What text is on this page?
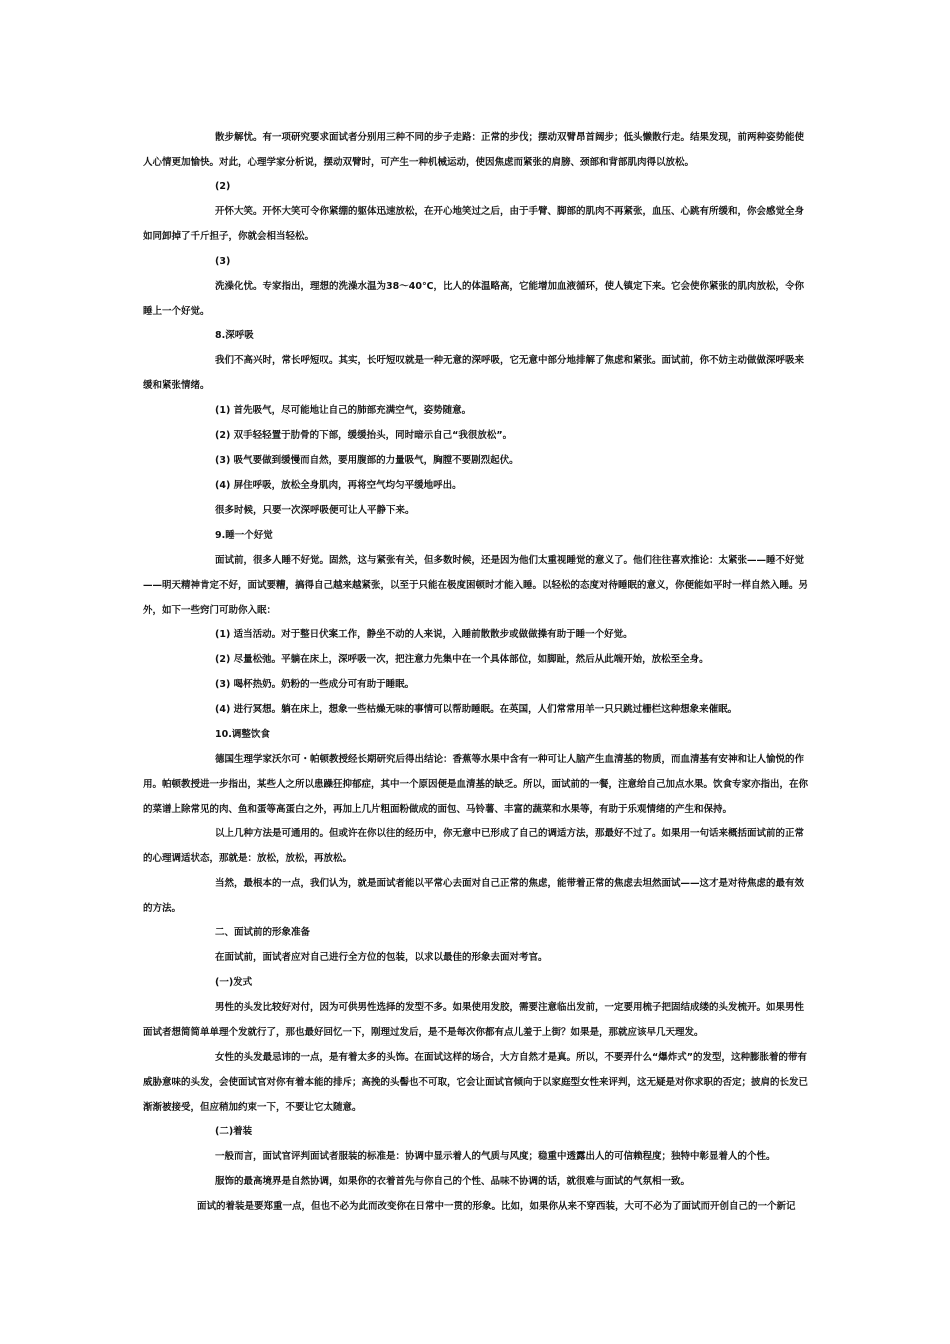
散步解忧。有一项研究要求面试者分别用三种不同的步子走路：正常的步伐；摆动双臂昂首阔步；低头懒散行走。结果发现，前两种姿势能使人心情更加愉快。对此，心理学家分析说，摆动双臂时，可产生一种机械运动，使因焦虑而紧张的肩膀、颈部和背部肌肉得以放松。

(2)

开怀大笑。开怀大笑可令你紧绷的躯体迅速放松，在开心地笑过之后，由于手臂、脚部的肌肉不再紧张，血压、心跳有所缓和，你会感觉全身如同卸掉了千斤担子，你就会相当轻松。

(3)

洗澡化忧。专家指出，理想的洗澡水温为38～40℃，比人的体温略高，它能增加血液循环，使人镇定下来。它会使你紧张的肌肉放松，令你睡上一个好觉。

8.深呼吸

我们不高兴时，常长呼短叹。其实，长吁短叹就是一种无意的深呼吸，它无意中部分地排解了焦虑和紧张。面试前，你不妨主动做做深呼吸来缓和紧张情绪。

(1) 首先吸气，尽可能地让自己的肺部充满空气，姿势随意。

(2) 双手轻轻置于肋骨的下部，缓缓抬头，同时暗示自己“我很放松”。

(3) 吸气要做到缓慢而自然，要用腹部的力量吸气，胸膛不要剧烈起伏。

(4) 屏住呼吸，放松全身肌肉，再将空气均匀平缓地呼出。

很多时候，只要一次深呼吸便可让人平静下来。

9.睡一个好觉

面试前，很多人睡不好觉。固然，这与紧张有关，但多数时候，还是因为他们太重视睡觉的意义了。他们往往喜欢推论：太紧张——睡不好觉——明天精神肯定不好，面试要糟，搞得自己越来越紧张，以至于只能在极度困顿时才能入睡。以轻松的态度对待睡眠的意义，你便能如平时一样自然入睡。另外，如下一些窍门可助你入眠：

(1) 适当活动。对于整日伏案工作，静坐不动的人来说，入睡前散散步或做做操有助于睡一个好觉。

(2) 尽量松弛。平躺在床上，深呼吸一次，把注意力先集中在一个具体部位，如脚趾，然后从此端开始，放松至全身。

(3) 喝杯热奶。奶粉的一些成分可有助于睡眠。

(4) 进行冥想。躺在床上，想象一些枯燥无味的事情可以帮助睡眠。在英国，人们常常用羊一只只跳过栅栏这种想象来催眠。

10.调整饮食

德国生理学家沃尔可・帕顿教授经长期研究后得出结论：香蕉等水果中含有一种可让人脑产生血清基的物质，而血清基有安神和让人愉悦的作用。帕顿教授进一步指出，某些人之所以患躁狂抑郁症，其中一个原因便是血清基的缺乏。所以，面试前的一餐，注意给自己加点水果。饮食专家亦指出，在你的菜谱上除常见的肉、鱼和蛋等高蛋白之外，再加上几片粗面粉做成的面包、马铃薯、丰富的蔬菜和水果等，有助于乐观情绪的产生和保持。

以上几种方法是可通用的。但或许在你以往的经历中，你无意中已形成了自己的调适方法，那最好不过了。如果用一句话来概括面试前的正常的心理调适状态，那就是：放松，放松，再放松。

当然，最根本的一点，我们认为，就是面试者能以平常心去面对自己正常的焦虑，能带着正常的焦虑去坦然面试——这才是对待焦虑的最有效的方法。

二、面试前的形象准备

在面试前，面试者应对自己进行全方位的包装，以求以最佳的形象去面对考官。

(一)发式

男性的头发比较好对付，因为可供男性选择的发型不多。如果使用发胶，需要注意临出发前，一定要用梳子把固结成缕的头发梳开。如果男性面试者想简简单单理个发就行了，那也最好回忆一下，刚理过发后，是不是每次你都有点儿羞于上街？如果是，那就应该早几天理发。

女性的头发最忌讳的一点，是有着太多的头饰。在面试这样的场合，大方自然才是真。所以，不要弄什么“爆炸式”的发型，这种膨胀着的带有威胁意味的头发，会使面试官对你有着本能的排斥；高挽的头髻也不可取，它会让面试官倾向于以家庭型女性来评判，这无疑是对你求职的否定；披肩的长发已渐渐被接受，但应稍加约束一下，不要让它太随意。

(二)着装

一般而言，面试官评判面试者服装的标准是：协调中显示着人的气质与风度；稳重中透露出人的可信赖程度；独特中彰显着人的个性。

服饰的最高境界是自然协调，如果你的衣着首先与你自己的个性、品味不协调的话，就很难与面试的气氛相一致。

面试的着装是要郑重一点，但也不必为此而改变你在日常中一贯的形象。比如，如果你从来不穿西装，大可不必为了面试而开创自己的一个新记
